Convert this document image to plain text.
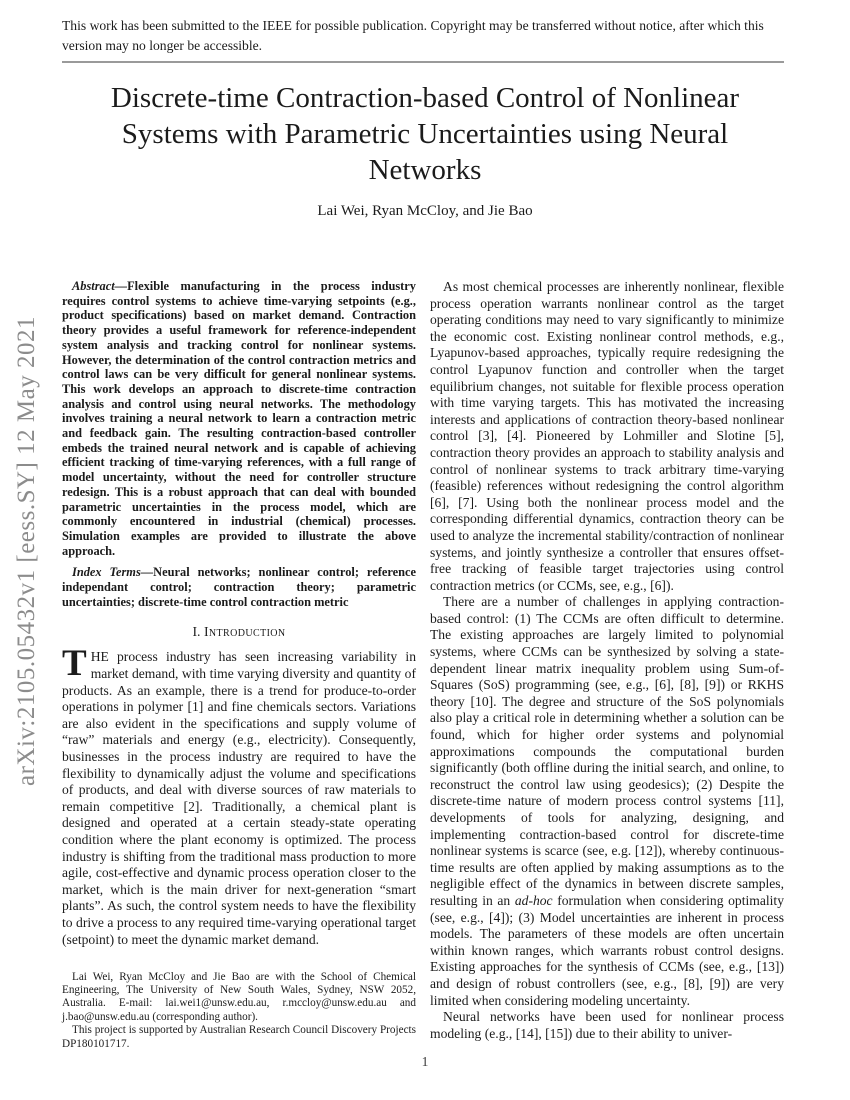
arXiv:2105.05432v1 [eess.SY] 12 May 2021
This work has been submitted to the IEEE for possible publication. Copyright may be transferred without notice, after which this version may no longer be accessible.
Discrete-time Contraction-based Control of Nonlinear Systems with Parametric Uncertainties using Neural Networks
Lai Wei, Ryan McCloy, and Jie Bao

Abstract—Flexible manufacturing in the process industry requires control systems to achieve time-varying setpoints (e.g., product specifications) based on market demand. Contraction theory provides a useful framework for reference-independent system analysis and tracking control for nonlinear systems. However, the determination of the control contraction metrics and control laws can be very difficult for general nonlinear systems. This work develops an approach to discrete-time contraction analysis and control using neural networks. The methodology involves training a neural network to learn a contraction metric and feedback gain. The resulting contraction-based controller embeds the trained neural network and is capable of achieving efficient tracking of time-varying references, with a full range of model uncertainty, without the need for controller structure redesign. This is a robust approach that can deal with bounded parametric uncertainties in the process model, which are commonly encountered in industrial (chemical) processes. Simulation examples are provided to illustrate the above approach.

Index Terms—Neural networks; nonlinear control; reference independant control; contraction theory; parametric uncertainties; discrete-time control contraction metric

I. Introduction

THE process industry has seen increasing variability in market demand, with time varying diversity and quantity of products. As an example, there is a trend for produce-to-order operations in polymer [1] and fine chemicals sectors. Variations are also evident in the specifications and supply volume of “raw” materials and energy (e.g., electricity). Consequently, businesses in the process industry are required to have the flexibility to dynamically adjust the volume and specifications of products, and deal with diverse sources of raw materials to remain competitive [2]. Traditionally, a chemical plant is designed and operated at a certain steady-state operating condition where the plant economy is optimized. The process industry is shifting from the traditional mass production to more agile, cost-effective and dynamic process operation closer to the market, which is the main driver for next-generation “smart plants”. As such, the control system needs to have the flexibility to drive a process to any required time-varying operational target (setpoint) to meet the dynamic market demand.

Lai Wei, Ryan McCloy and Jie Bao are with the School of Chemical Engineering, The University of New South Wales, Sydney, NSW 2052, Australia. E-mail: lai.wei1@unsw.edu.au, r.mccloy@unsw.edu.au and j.bao@unsw.edu.au (corresponding author).

This project is supported by Australian Research Council Discovery Projects DP180101717.

As most chemical processes are inherently nonlinear, flexible process operation warrants nonlinear control as the target operating conditions may need to vary significantly to minimize the economic cost. Existing nonlinear control methods, e.g., Lyapunov-based approaches, typically require redesigning the control Lyapunov function and controller when the target equilibrium changes, not suitable for flexible process operation with time varying targets. This has motivated the increasing interests and applications of contraction theory-based nonlinear control [3], [4]. Pioneered by Lohmiller and Slotine [5], contraction theory provides an approach to stability analysis and control of nonlinear systems to track arbitrary time-varying (feasible) references without redesigning the control algorithm [6], [7]. Using both the nonlinear process model and the corresponding differential dynamics, contraction theory can be used to analyze the incremental stability/contraction of nonlinear systems, and jointly synthesize a controller that ensures offset-free tracking of feasible target trajectories using control contraction metrics (or CCMs, see, e.g., [6]).

There are a number of challenges in applying contraction-based control: (1) The CCMs are often difficult to determine. The existing approaches are largely limited to polynomial systems, where CCMs can be synthesized by solving a state-dependent linear matrix inequality problem using Sum-of-Squares (SoS) programming (see, e.g., [6], [8], [9]) or RKHS theory [10]. The degree and structure of the SoS polynomials also play a critical role in determining whether a solution can be found, which for higher order systems and polynomial approximations compounds the computational burden significantly (both offline during the initial search, and online, to reconstruct the control law using geodesics); (2) Despite the discrete-time nature of modern process control systems [11], developments of tools for analyzing, designing, and implementing contraction-based control for discrete-time nonlinear systems is scarce (see, e.g. [12]), whereby continuous-time results are often applied by making assumptions as to the negligible effect of the dynamics in between discrete samples, resulting in an ad-hoc formulation when considering optimality (see, e.g., [4]); (3) Model uncertainties are inherent in process models. The parameters of these models are often uncertain within known ranges, which warrants robust control designs. Existing approaches for the synthesis of CCMs (see, e.g., [13]) and design of robust controllers (see, e.g., [8], [9]) are very limited when considering modeling uncertainty.

Neural networks have been used for nonlinear process modeling (e.g., [14], [15]) due to their ability to univer-

1
